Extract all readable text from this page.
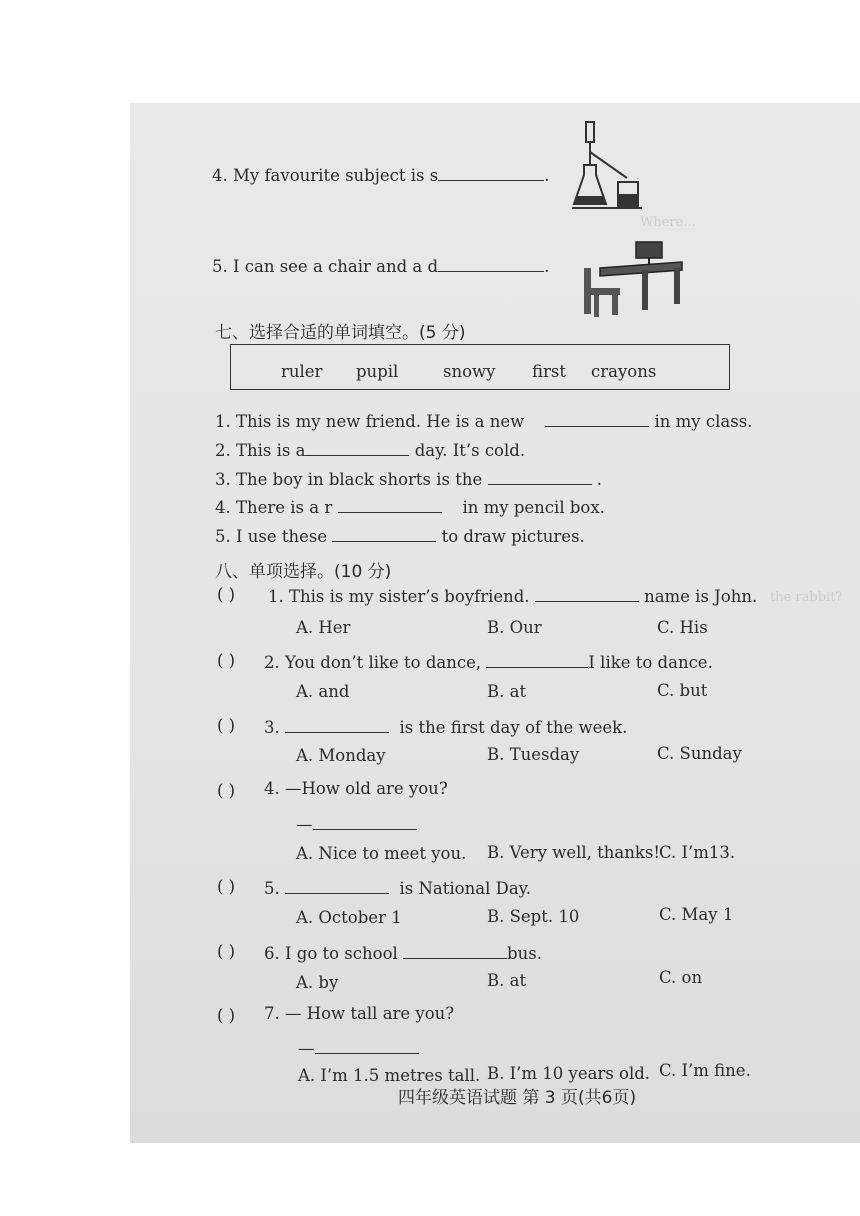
Where...
the rabbit?
4. My favourite subject is s	.
5. I can see a chair and a d	.
七、选择合适的单词填空。(5 分)
ruler pupil	snowy first crayons
1. This is my new friend. He is a new	in my class.
2. This is a	day. It’s cold.
3. The boy in black shorts is the	.
4. There is a r	in my pencil box.
5. I use these	to draw pictures.
八、单项选择。(10 分)
( ) 1. This is my sister’s boyfriend.	name is John.
A. Her	B. Our	C. His
( ) 2. You don’t like to dance,	I like to dance.
A. and	B. at	C. but
( ) 3.	is the first day of the week.
A. Monday	B. Tuesday	C. Sunday
( ) 4. —How old are you?
—
A. Nice to meet you. B. Very well, thanks! C. I’m13.
( ) 5.	is National Day.
A. October 1	B. Sept. 10	C. May 1
( ) 6. I go to school	bus.
A. by	B. at	C. on
( ) 7. — How tall are you?
—
A. I’m 1.5 metres tall. B. I’m 10 years old. C. I’m fine.
四年级英语试题 第 3 页(共6页)
